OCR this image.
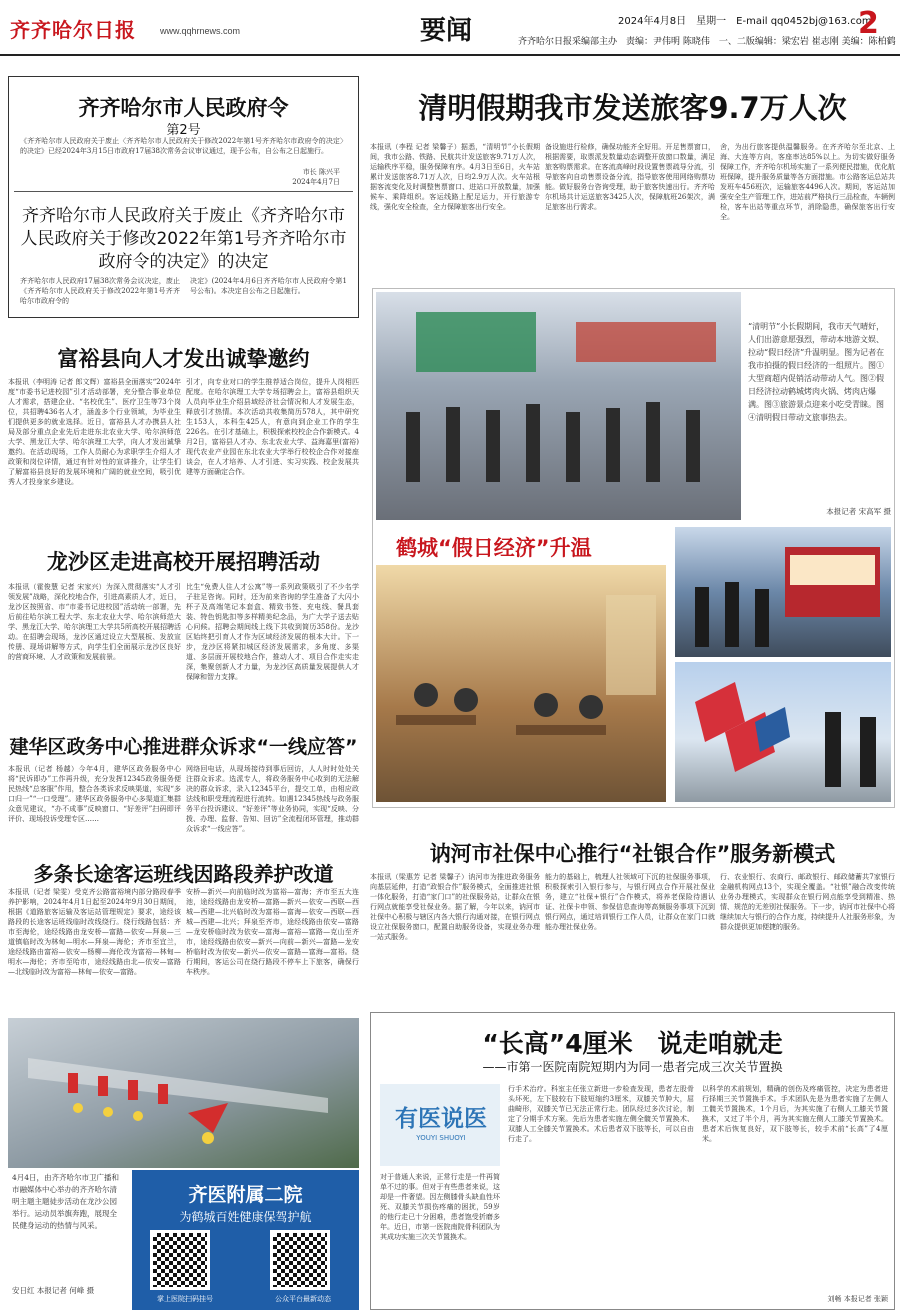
齐齐哈尔日报	www.qqhrnews.com	要闻	2024年4月8日　星期一　E-mail qq0452bj@163.com
齐齐哈尔日报采编部主办　责编：尹伟明 陈晓伟　一、二版编辑：梁宏岩 崔志刚 美编：陈柏鹤
2
齐齐哈尔市人民政府令
第2号
《齐齐哈尔市人民政府关于废止〈齐齐哈尔市人民政府关于修改2022年第1号齐齐哈尔市政府令的决定〉的决定》已经2024年3月15日市政府17届38次常务会议审议通过，现予公布，自公布之日起施行。
市长 陈兴平
2024年4月7日
齐齐哈尔市人民政府关于废止《齐齐哈尔市人民政府关于修改2022年第1号齐齐哈尔市政府令的决定》的决定
齐齐哈尔市人民政府17届38次常务会议决定，废止《齐齐哈尔市人民政府关于修改2022年第1号齐齐哈尔市政府令的
决定》(2024年4月6日齐齐哈尔市人民政府令第1号公布)。本决定自公布之日起施行。
富裕县向人才发出诚挚邀约
本报讯（李明涛 记者 郎文辉）富裕县全面落实“2024年度“市委书记进校园”引才活动部署，充分整合事业单位人才需求，搭建企业、“名校优生”、医疗卫生等73个岗位，共招聘436名人才，涵盖多个行业领域，为毕业生们提供更多的就业选择。近日，富裕县人才办携县人社局及部分重点企业先后走进东北农业大学、哈尔滨师范大学、黑龙江大学、哈尔滨理工大学，向人才发出诚挚邀约。在活动现场，工作人员耐心为求职学生介绍人才政策和岗位详情，通过有针对性的宣讲推介，让学生们了解富裕县良好的发展环境和广阔的就业空间，吸引优秀人才投身家乡建设。
引才，向专业对口的学生推荐适合岗位，提升人岗相匹配度。在哈尔滨理工大学专场招聘会上，富裕县组织天人员向毕业生介绍县域经济社会情况和人才发展生态，释放引才热情。本次活动共收集简历578人，其中研究生153人，本科生425人，有意向到企业工作的学生226名。在引才基础上，积极探索校校企合作新模式。4月2日，富裕县人才办、东北农业大学、益海嘉里(富裕)现代农业产业园在东北农业大学举行校校企合作对接座谈会，在人才培养、人才引进、实习实践、校企发展共建等方面确定合作。
龙沙区走进高校开展招聘活动
本报讯（霍俊慧 记者 宋家兴）为深入贯彻落实“人才引领发展”战略，深化校地合作，引进高素质人才，近日，龙沙区按照省、市“市委书记进校园”活动统一部署，先后前往哈尔滨工程大学、东北农业大学、哈尔滨师范大学、黑龙江大学、哈尔滨理工大学共5所高校开展招聘活动。在招聘会现场，龙沙区通过设立大型展板、发放宣传册、现场讲解等方式，向学生们全面展示龙沙区良好的营商环境、人才政策和发展前景。
比生“免费人住人才公寓”等一系列政策吸引了不少名学子驻足咨询。同时，还为前来咨询的学生准备了大闪小杯子及高端笔记本套盒、精致书签、充电线、餐具套装、特色钥匙扣等多样精美纪念品，为广大学子送去贴心问候。招聘会期间线上线下共收到简历358份。龙沙区始终把引育人才作为区域经济发展的根本大计。下一步，龙沙区将紧扣城区经济发展需求，多角度、多渠道、多层面开展校地合作，推动人才、项目合作走实走深，集聚创新人才力量，为龙沙区高质量发展提供人才保障和智力支撑。
建华区政务中心推进群众诉求“一线应答”
本报讯（记者 杨越）今年4月，建华区政务服务中心将“民诉即办”工作再升级，充分发挥12345政务服务便民热线“总客服”作用，整合各类诉求反映渠道，实现“多口归一”“一口受理”。建华区政务服务中心多渠道汇集群众意见建议，“办不成事”反映窗口、“好差评”扫码即评评价、现场投诉受理专区……
网络回电话，从现场接待到事后回访，人人时时处处关注群众诉求。选派专人，将政务服务中心收到的无法解决的群众诉求，录入12345平台，提交工单，由相应政法线和职受理流程进行流转。如遇12345热线与政务服务平台投诉建议、“好差评”等业务协同，实现“反映、分拨、办理、监督、告知、回访”全流程闭环管理，推动群众诉求“一线应答”。
多条长途客运班线因路段养护改道
本报讯（记者 梁雯）受克齐公路富裕境内部分路段春季养护影响，2024年4月1日起至2024年9月30日期间，根据《道路旅客运输及客运站管理规定》要求，途经该路段的长途客运班线临时改线绕行。绕行线路包括：齐市至海伦，途经线路由龙安桥—富路—依安—拜泉—三道镇临时改为林甸—明水—拜泉—海伦；齐市至宜兰，途经线路由富裕—依安—杨柳—海伦改为富裕—林甸—明水—海伦；齐市至哈市，途经线路由北—依安—富路—北线临时改为富裕—林甸—依安—富路。
安桥—新兴—向前临时改为富裕—富海；齐市至五大连池，途经线路由龙安桥—富路—新兴—依安—西联—西城—西建—北兴临时改为富裕—富海—依安—西联—西城—西建—北兴；拜泉至齐市，途经线路由依安—富路—龙安桥临时改为依安—富海—富裕—富路—克山至齐市，途经线路由依安—新兴—向前—新兴—富路—龙安桥临时改为依安—新兴—依安—富路—富海—富裕。绕行期间，客运公司在绕行路段不停车上下旅客，确保行车秩序。
4月4日，由齐齐哈尔市卫广播和市融媒体中心举办的齐齐哈尔清明主题主题徒步活动在龙沙公园举行。运动员举旗奔跑，展现全民健身运动的热情与风采。
安日红 本报记者 何峰 摄
齐医附属二院
为鹤城百姓健康保驾护航
掌上医院扫码挂号	公众平台最新动态
清明假期我市发送旅客9.7万人次
本报讯（李程 记者 梁馨子）据悉，“清明节”小长假期间，我市公路、铁路、民航共计发送旅客9.71万人次，运输秩序平稳，服务保障有序。4月3日至6日，火车站累计发送旅客8.71万人次，日均2.9万人次。火车站根据客流变化及时调整售票窗口、进站口开放数量，加强候车、乘降组织。客运线路上配足运力，开行旅游专线，强化安全检查，全力保障旅客出行安全。
备设施进行检修，确保功能齐全好用。开足售票窗口，根据需要，取票派发数量动态调整开放窗口数量，满足旅客购票需求。在客流高峰时段设置售票疏导分流，引导旅客向自动售票设备分流，指导旅客使用网络购票功能。做好服务台咨询受理，助于旅客快速出行。齐齐哈尔机场共计运送旅客3425人次，保障航班26架次，满足旅客出行需求。
舍，为出行旅客提供温馨服务。在齐齐哈尔至北京、上海、大连等方向，客座率达85%以上。为切实做好服务保障工作，齐齐哈尔机场实施了一系列便民措施，优化航班保障，提升服务质量等各方面措施。市公路客运总站共发班车456班次，运输旅客4496人次。期间，客运站加强安全生产管理工作，进站前严格执行三品检查，车辆例检，客车出站等重点环节，消除隐患，确保旅客出行安全。
“清明节”小长假期间，我市天气晴好，人们出游意愿强烈，带动本地游文娱、拉动“假日经济”升温明显。图为记者在我市拍摄的假日经济的一组照片。图①大型商超内促销活动带动人气。图②假日经济拉动鹤城烤肉火锅、烤肉店爆满。图③旅游景点迎来小吃受青睐。图④清明假日带动文旅事热去。
本报记者 宋高军 摄
鹤城“假日经济”升温
讷河市社保中心推行“社银合作”服务新模式
本报讯（梁惠芳 记者 梁馨子）讷河市为推进政务服务向基层延伸，打造“政银合作”服务模式，全面推进社银一体化服务，打造“家门口”的社保服务站，让群众在银行网点就能享受社保业务。据了解，今年以来，讷河市社保中心积极与辖区内各大银行沟通对接，在银行网点设立社保服务窗口，配置自助服务设备，实现业务办理一站式服务。
能力的基础上，梳理人社领域可下沉的社保服务事项，积极探索引入银行参与，与银行网点合作开展社保业务，建立“社保+银行”合作模式，将养老保险待遇认证、社保卡申领、参保信息查询等高频服务事项下沉到银行网点，通过培训银行工作人员，让群众在家门口就能办理社保业务。
行、农业银行、农商行、邮政银行、邮政储蓄共7家银行金融机构网点13个，实现全覆盖。“社银”融合改变传统业务办理模式，实现群众在银行网点能享受到精准、热情、规范的无差别社保服务。下一步，讷河市社保中心将继续加大与银行的合作力度，持续提升人社服务形象，为群众提供更加便捷的服务。
“长高”4厘米　说走咱就走
——市第一医院南院短期内为同一患者完成三次关节置换
有医说医
YOUYI SHUOYI
对于普通人来说，正常行走是一件再简单不过的事。但对于有些患者来说，这却是一件奢望。因左侧膝骨头缺血性坏死、双膝关节损伤疼痛的困扰，59岁的他行走已十分困难，患者饱受折磨多年。近日，市第一医院南院骨科团队为其成功实施三次关节置换术。
行手术治疗。科室主任张立新进一步检查发现，患者左股骨头坏死，左下肢较右下肢短缩约3厘米，双膝关节肿大，屈曲畸形，双膝关节已无法正常行走。团队经过多次讨论，制定了分期手术方案。先后为患者实施左侧全髋关节置换术、双膝人工全膝关节置换术。术后患者双下肢等长，可以自由行走了。
以科学的术前规划，精确的创伤及疼痛管控，决定为患者进行择期三关节置换手术。手术团队先是为患者实施了左侧人工髋关节置换术，1个月后，为其实施了右侧人工膝关节置换术，又过了半个月，再为其实施左侧人工膝关节置换术。患者术后恢复良好，双下肢等长，较手术前“长高”了4厘米。
刘畅 本报记者 张颖
